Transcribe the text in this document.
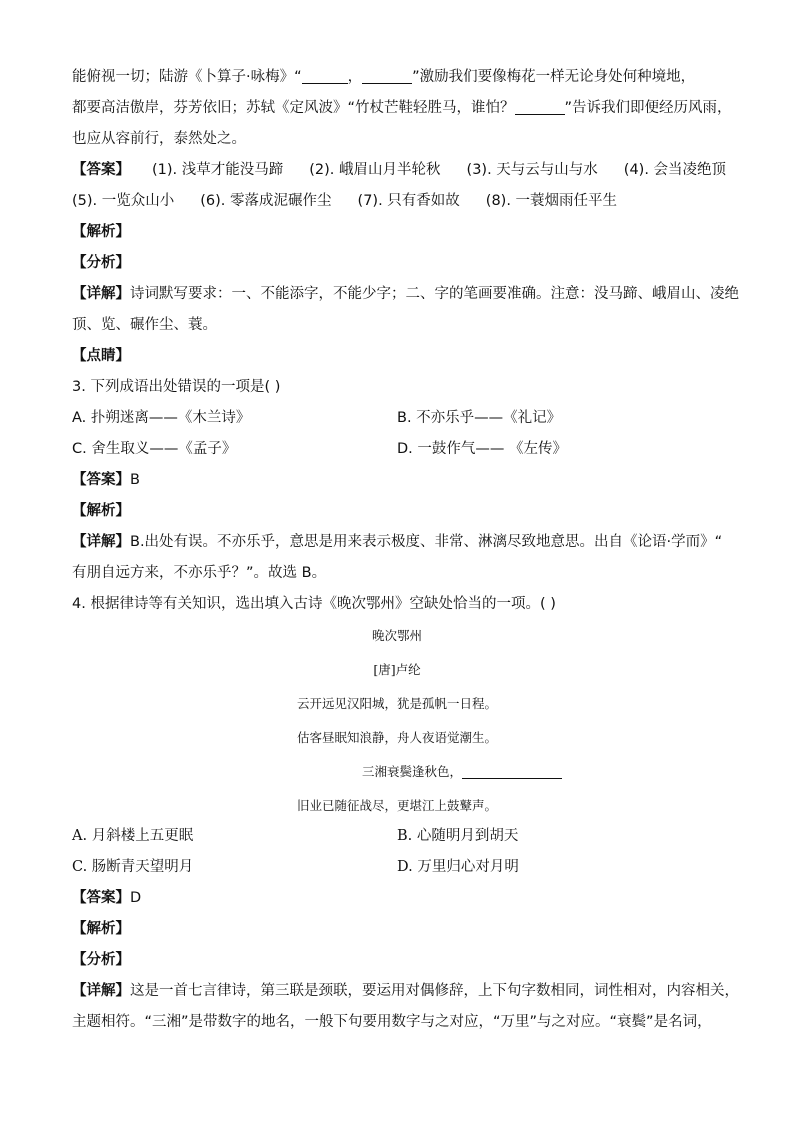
能俯视一切；陆游《卜算子·咏梅》“	，	”激励我们要像梅花一样无论身处何种境地，
都要高洁傲岸，芬芳依旧；苏轼《定风波》“竹杖芒鞋轻胜马，谁怕？	”告诉我们即便经历风雨，
也应从容前行，泰然处之。
【答案】 (1). 浅草才能没马蹄 (2). 峨眉山月半轮秋 (3). 天与云与山与水 (4). 会当凌绝顶
(5). 一览众山小 (6). 零落成泥碾作尘 (7). 只有香如故 (8). 一蓑烟雨任平生
【解析】
【分析】
【详解】诗词默写要求：一、不能添字，不能少字；二、字的笔画要准确。注意：没马蹄、峨眉山、凌绝
顶、览、碾作尘、蓑。
【点睛】
3. 下列成语出处错误的一项是( )
A. 扑朔迷离——《木兰诗》	B. 不亦乐乎——《礼记》
C. 舍生取义——《孟子》	D. 一鼓作气—— 《左传》
【答案】B
【解析】
【详解】B.出处有误。不亦乐乎，意思是用来表示极度、非常、淋漓尽致地意思。出自《论语·学而》“
有朋自远方来，不亦乐乎？”。故选 B。
4. 根据律诗等有关知识，选出填入古诗《晚次鄂州》空缺处恰当的一项。( )
晚次鄂州
[唐]卢纶
云开远见汉阳城，犹是孤帆一日程。
估客昼眠知浪静，舟人夜语觉潮生。
三湘衰鬓逢秋色，
旧业已随征战尽，更堪江上鼓鼙声。
A. 月斜楼上五更眠	B. 心随明月到胡天
C. 肠断青天望明月	D. 万里归心对月明
【答案】D
【解析】
【分析】
【详解】这是一首七言律诗，第三联是颈联，要运用对偶修辞，上下句字数相同，词性相对，内容相关，
主题相符。“三湘”是带数字的地名，一般下句要用数字与之对应，“万里”与之对应。“衰鬓”是名词，
